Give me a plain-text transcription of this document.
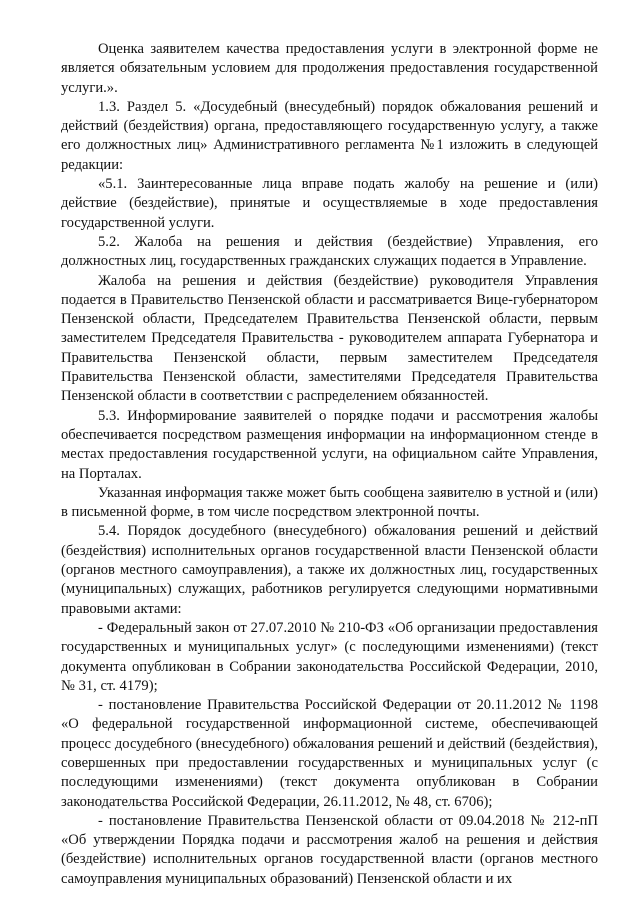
Оценка заявителем качества предоставления услуги в электронной форме не является обязательным условием для продолжения предоставления государственной услуги.».

1.3. Раздел 5. «Досудебный (внесудебный) порядок обжалования решений и действий (бездействия) органа, предоставляющего государственную услугу, а также его должностных лиц» Административного регламента №1 изложить в следующей редакции:

«5.1. Заинтересованные лица вправе подать жалобу на решение и (или) действие (бездействие), принятые и осуществляемые в ходе предоставления государственной услуги.

5.2. Жалоба на решения и действия (бездействие) Управления, его должностных лиц, государственных гражданских служащих подается в Управление.

Жалоба на решения и действия (бездействие) руководителя Управления подается в Правительство Пензенской области и рассматривается Вице-губернатором Пензенской области, Председателем Правительства Пензенской области, первым заместителем Председателя Правительства - руководителем аппарата Губернатора и Правительства Пензенской области, первым заместителем Председателя Правительства Пензенской области, заместителями Председателя Правительства Пензенской области в соответствии с распределением обязанностей.

5.3. Информирование заявителей о порядке подачи и рассмотрения жалобы обеспечивается посредством размещения информации на информационном стенде в местах предоставления государственной услуги, на официальном сайте Управления, на Порталах.

Указанная информация также может быть сообщена заявителю в устной и (или) в письменной форме, в том числе посредством электронной почты.

5.4. Порядок досудебного (внесудебного) обжалования решений и действий (бездействия) исполнительных органов государственной власти Пензенской области (органов местного самоуправления), а также их должностных лиц, государственных (муниципальных) служащих, работников регулируется следующими нормативными правовыми актами:

- Федеральный закон от 27.07.2010 № 210-ФЗ «Об организации предоставления государственных и муниципальных услуг» (с последующими изменениями) (текст документа опубликован в Собрании законодательства Российской Федерации, 2010, № 31, ст. 4179);

- постановление Правительства Российской Федерации от 20.11.2012 № 1198 «О федеральной государственной информационной системе, обеспечивающей процесс досудебного (внесудебного) обжалования решений и действий (бездействия), совершенных при предоставлении государственных и муниципальных услуг (с последующими изменениями) (текст документа опубликован в Собрании законодательства Российской Федерации, 26.11.2012, № 48, ст. 6706);

- постановление Правительства Пензенской области от 09.04.2018 № 212-пП «Об утверждении Порядка подачи и рассмотрения жалоб на решения и действия (бездействие) исполнительных органов государственной власти (органов местного самоуправления муниципальных образований) Пензенской области и их
